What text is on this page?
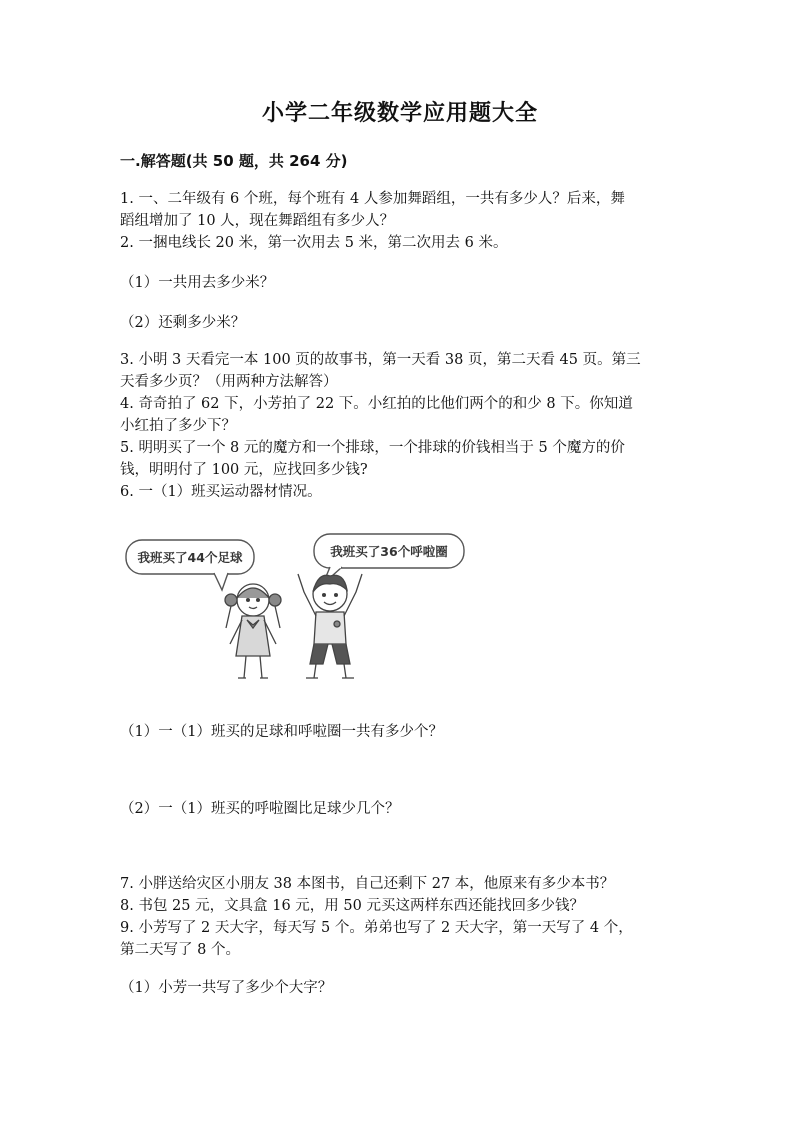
小学二年级数学应用题大全
一.解答题(共 50 题，共 264 分)
1. 一、二年级有 6 个班，每个班有 4 人参加舞蹈组，一共有多少人？后来，舞
蹈组增加了 10 人，现在舞蹈组有多少人？
2. 一捆电线长 20 米，第一次用去 5 米，第二次用去 6 米。
（1）一共用去多少米？
（2）还剩多少米？
3. 小明 3 天看完一本 100 页的故事书，第一天看 38 页，第二天看 45 页。第三
天看多少页？（用两种方法解答）
4. 奇奇拍了 62 下，小芳拍了 22 下。小红拍的比他们两个的和少 8 下。你知道
小红拍了多少下？
5. 明明买了一个 8 元的魔方和一个排球，一个排球的价钱相当于 5 个魔方的价
钱，明明付了 100 元，应找回多少钱?
6. 一（1）班买运动器材情况。
我班买了44个足球	我班买了36个呼啦圈
（1）一（1）班买的足球和呼啦圈一共有多少个？
（2）一（1）班买的呼啦圈比足球少几个？
7. 小胖送给灾区小朋友 38 本图书，自己还剩下 27 本，他原来有多少本书？
8. 书包 25 元，文具盒 16 元，用 50 元买这两样东西还能找回多少钱？
9. 小芳写了 2 天大字，每天写 5 个。弟弟也写了 2 天大字，第一天写了 4 个，
第二天写了 8 个。
（1）小芳一共写了多少个大字？
